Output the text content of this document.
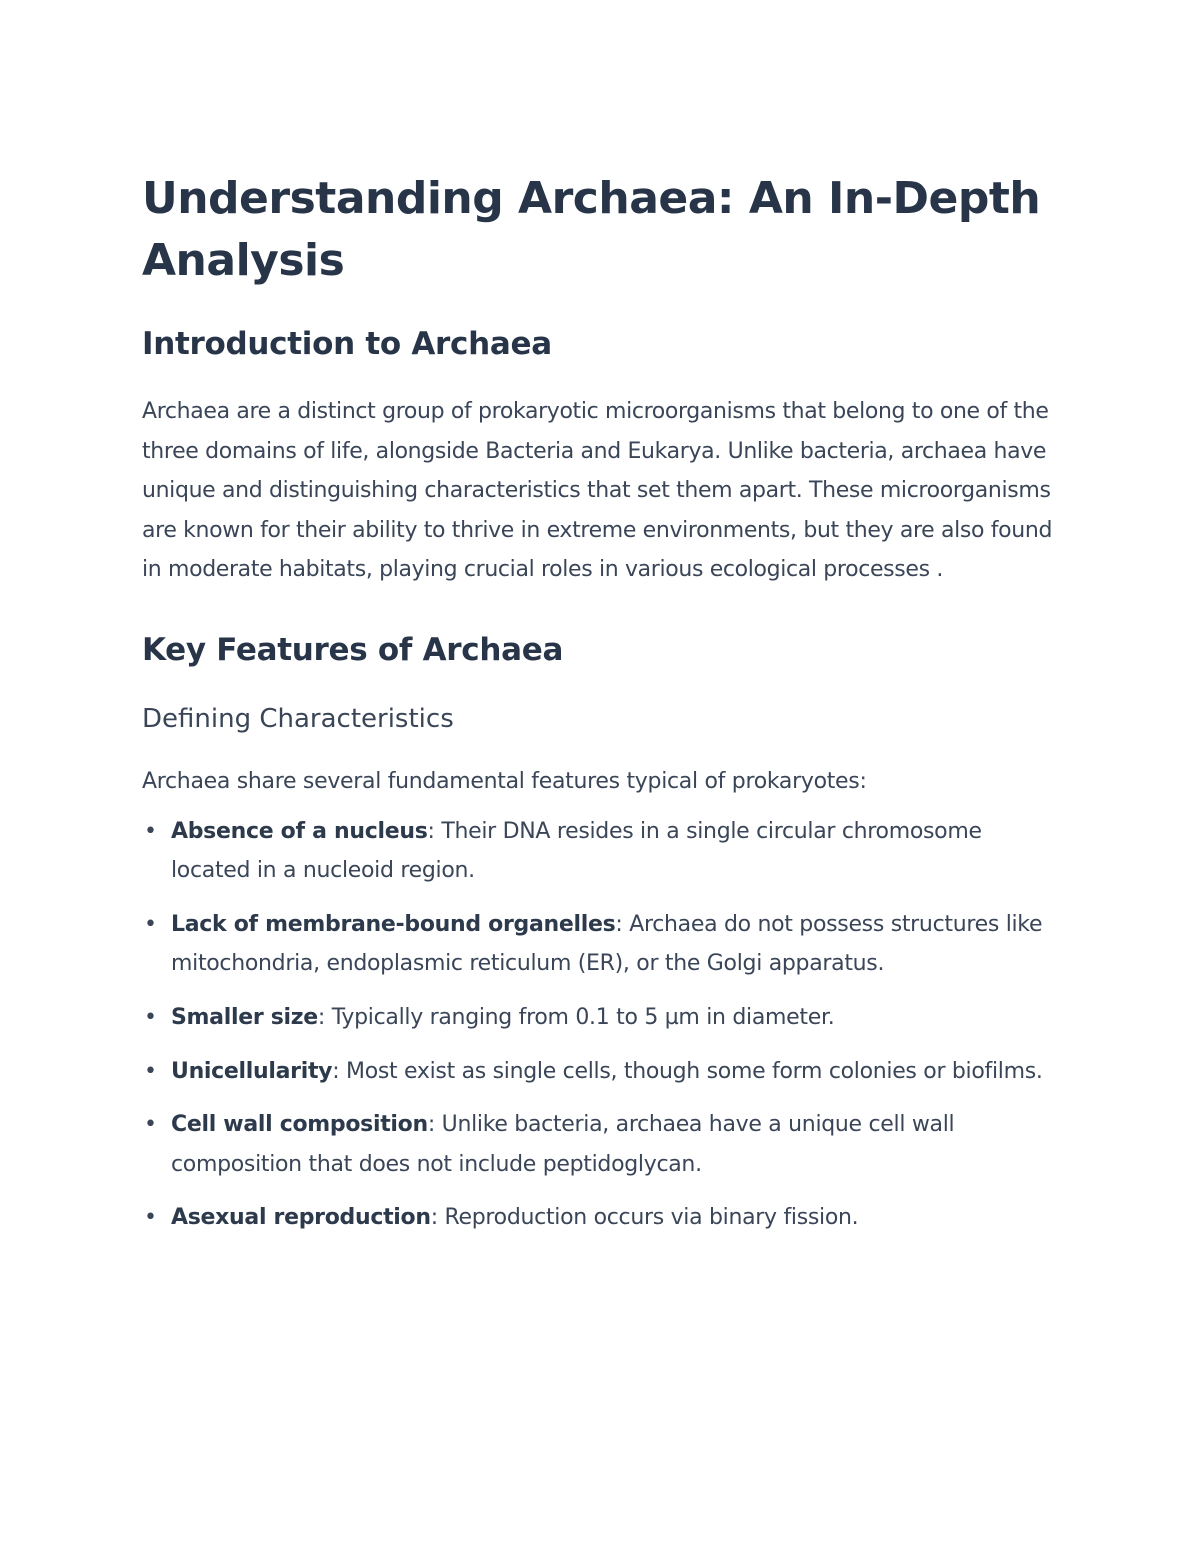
Understanding Archaea: An In-Depth Analysis
Introduction to Archaea

Archaea are a distinct group of prokaryotic microorganisms that belong to one of the three domains of life, alongside Bacteria and Eukarya. Unlike bacteria, archaea have unique and distinguishing characteristics that set them apart. These microorganisms are known for their ability to thrive in extreme environments, but they are also found in moderate habitats, playing crucial roles in various ecological processes .

Key Features of Archaea
Defining Characteristics

Archaea share several fundamental features typical of prokaryotes:

• Absence of a nucleus: Their DNA resides in a single circular chromosome located in a nucleoid region.
• Lack of membrane-bound organelles: Archaea do not possess structures like mitochondria, endoplasmic reticulum (ER), or the Golgi apparatus.
• Smaller size: Typically ranging from 0.1 to 5 µm in diameter.
• Unicellularity: Most exist as single cells, though some form colonies or biofilms.
• Cell wall composition: Unlike bacteria, archaea have a unique cell wall composition that does not include peptidoglycan.
• Asexual reproduction: Reproduction occurs via binary fission.
